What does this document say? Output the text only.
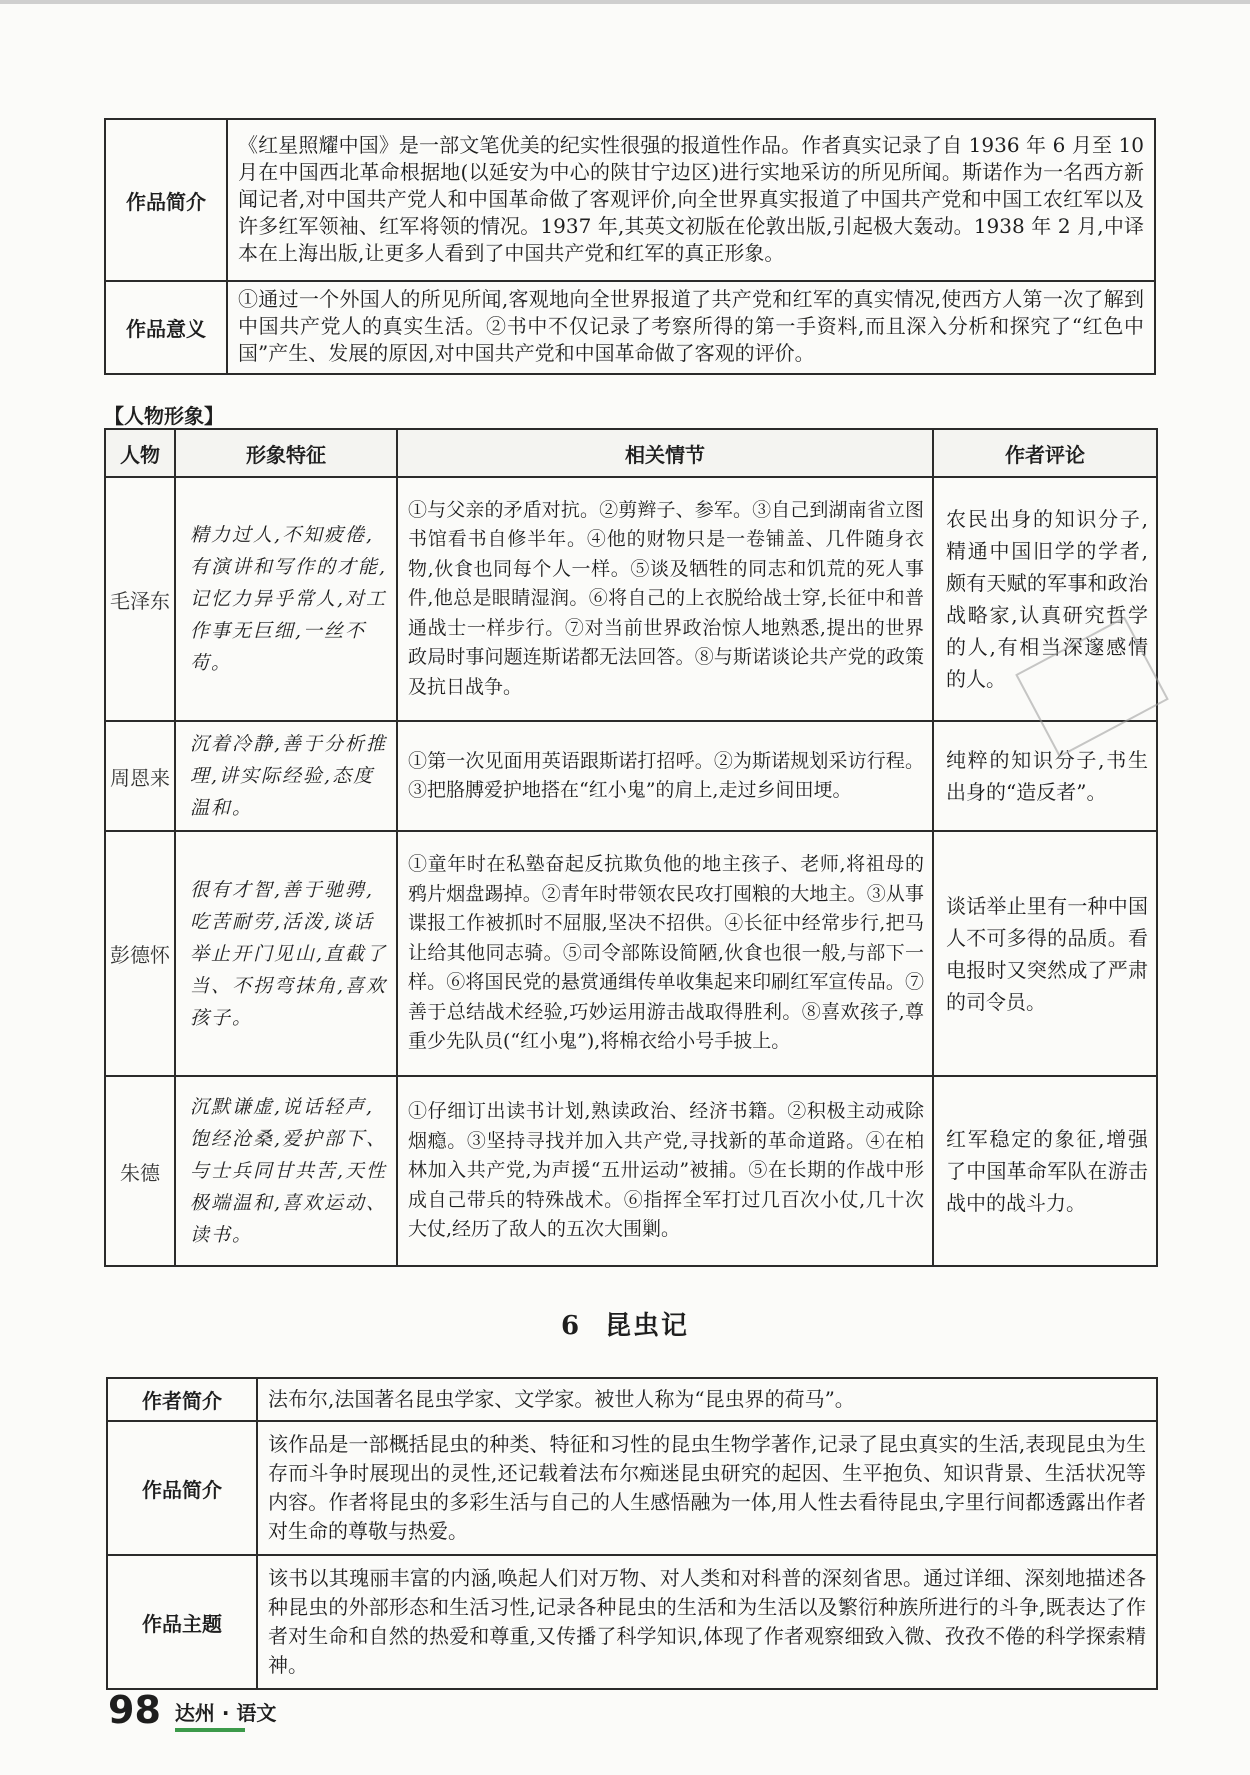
作品简介	《红星照耀中国》是一部文笔优美的纪实性很强的报道性作品。作者真实记录了自 1936 年 6 月至 10 月在中国西北革命根据地(以延安为中心的陕甘宁边区)进行实地采访的所见所闻。斯诺作为一名西方新闻记者,对中国共产党人和中国革命做了客观评价,向全世界真实报道了中国共产党和中国工农红军以及许多红军领袖、红军将领的情况。1937 年,其英文初版在伦敦出版,引起极大轰动。1938 年 2 月,中译本在上海出版,让更多人看到了中国共产党和红军的真正形象。
作品意义	①通过一个外国人的所见所闻,客观地向全世界报道了共产党和红军的真实情况,使西方人第一次了解到中国共产党人的真实生活。②书中不仅记录了考察所得的第一手资料,而且深入分析和探究了“红色中国”产生、发展的原因,对中国共产党和中国革命做了客观的评价。
【人物形象】
人物	形象特征	相关情节	作者评论
毛泽东	精力过人,不知疲倦,有演讲和写作的才能,记忆力异乎常人,对工作事无巨细,一丝不苟。	①与父亲的矛盾对抗。②剪辫子、参军。③自己到湖南省立图书馆看书自修半年。④他的财物只是一卷铺盖、几件随身衣物,伙食也同每个人一样。⑤谈及牺牲的同志和饥荒的死人事件,他总是眼睛湿润。⑥将自己的上衣脱给战士穿,长征中和普通战士一样步行。⑦对当前世界政治惊人地熟悉,提出的世界政局时事问题连斯诺都无法回答。⑧与斯诺谈论共产党的政策及抗日战争。	农民出身的知识分子,精通中国旧学的学者,颇有天赋的军事和政治战略家,认真研究哲学的人,有相当深邃感情的人。
周恩来	沉着冷静,善于分析推理,讲实际经验,态度温和。	①第一次见面用英语跟斯诺打招呼。②为斯诺规划采访行程。③把胳膊爱护地搭在“红小鬼”的肩上,走过乡间田埂。	纯粹的知识分子,书生出身的“造反者”。
彭德怀	很有才智,善于驰骋,吃苦耐劳,活泼,谈话举止开门见山,直截了当、不拐弯抹角,喜欢孩子。	①童年时在私塾奋起反抗欺负他的地主孩子、老师,将祖母的鸦片烟盘踢掉。②青年时带领农民攻打囤粮的大地主。③从事谍报工作被抓时不屈服,坚决不招供。④长征中经常步行,把马让给其他同志骑。⑤司令部陈设简陋,伙食也很一般,与部下一样。⑥将国民党的悬赏通缉传单收集起来印刷红军宣传品。⑦善于总结战术经验,巧妙运用游击战取得胜利。⑧喜欢孩子,尊重少先队员(“红小鬼”),将棉衣给小号手披上。	谈话举止里有一种中国人不可多得的品质。看电报时又突然成了严肃的司令员。
朱德	沉默谦虚,说话轻声,饱经沧桑,爱护部下、与士兵同甘共苦,天性极端温和,喜欢运动、读书。	①仔细订出读书计划,熟读政治、经济书籍。②积极主动戒除烟瘾。③坚持寻找并加入共产党,寻找新的革命道路。④在柏林加入共产党,为声援“五卅运动”被捕。⑤在长期的作战中形成自己带兵的特殊战术。⑥指挥全军打过几百次小仗,几十次大仗,经历了敌人的五次大围剿。	红军稳定的象征,增强了中国革命军队在游击战中的战斗力。

6 昆虫记
作者简介	法布尔,法国著名昆虫学家、文学家。被世人称为“昆虫界的荷马”。
作品简介	该作品是一部概括昆虫的种类、特征和习性的昆虫生物学著作,记录了昆虫真实的生活,表现昆虫为生存而斗争时展现出的灵性,还记载着法布尔痴迷昆虫研究的起因、生平抱负、知识背景、生活状况等内容。作者将昆虫的多彩生活与自己的人生感悟融为一体,用人性去看待昆虫,字里行间都透露出作者对生命的尊敬与热爱。
作品主题	该书以其瑰丽丰富的内涵,唤起人们对万物、对人类和对科普的深刻省思。通过详细、深刻地描述各种昆虫的外部形态和生活习性,记录各种昆虫的生活和为生活以及繁衍种族所进行的斗争,既表达了作者对生命和自然的热爱和尊重,又传播了科学知识,体现了作者观察细致入微、孜孜不倦的科学探索精神。
98 达州 · 语文
